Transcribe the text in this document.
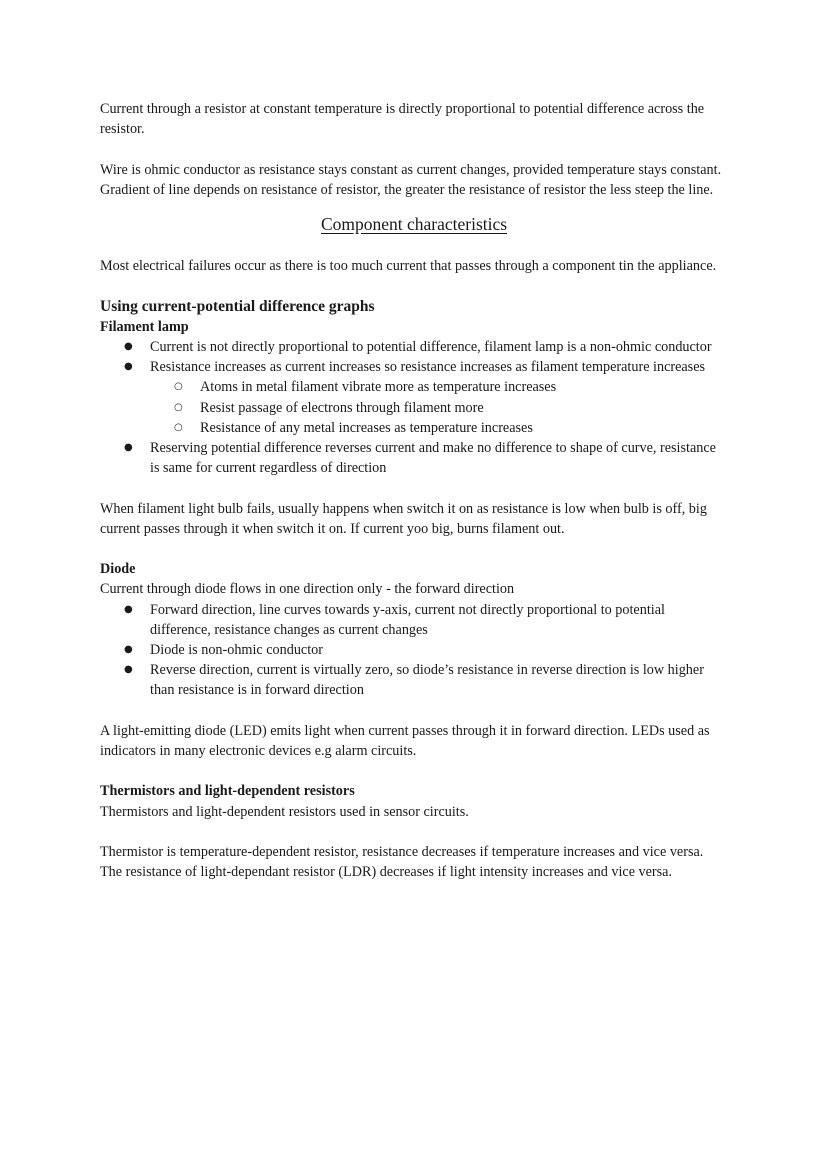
Current through a resistor at constant temperature is directly proportional to potential difference across the resistor.

Wire is ohmic conductor as resistance stays constant as current changes, provided temperature stays constant. Gradient of line depends on resistance of resistor, the greater the resistance of resistor the less steep the line.

Component characteristics

Most electrical failures occur as there is too much current that passes through a component tin the appliance.

Using current-potential difference graphs

Filament lamp

● Current is not directly proportional to potential difference, filament lamp is a non-ohmic conductor
● Resistance increases as current increases so resistance increases as filament temperature increases
○ Atoms in metal filament vibrate more as temperature increases
○ Resist passage of electrons through filament more
○ Resistance of any metal increases as temperature increases
● Reserving potential difference reverses current and make no difference to shape of curve, resistance is same for current regardless of direction

When filament light bulb fails, usually happens when switch it on as resistance is low when bulb is off, big current passes through it when switch it on. If current yoo big, burns filament out.

Diode

Current through diode flows in one direction only - the forward direction

● Forward direction, line curves towards y-axis, current not directly proportional to potential difference, resistance changes as current changes
● Diode is non-ohmic conductor
● Reverse direction, current is virtually zero, so diode’s resistance in reverse direction is low higher than resistance is in forward direction

A light-emitting diode (LED) emits light when current passes through it in forward direction. LEDs used as indicators in many electronic devices e.g alarm circuits.

Thermistors and light-dependent resistors

Thermistors and light-dependent resistors used in sensor circuits.

Thermistor is temperature-dependent resistor, resistance decreases if temperature increases and vice versa.

The resistance of light-dependant resistor (LDR) decreases if light intensity increases and vice versa.
